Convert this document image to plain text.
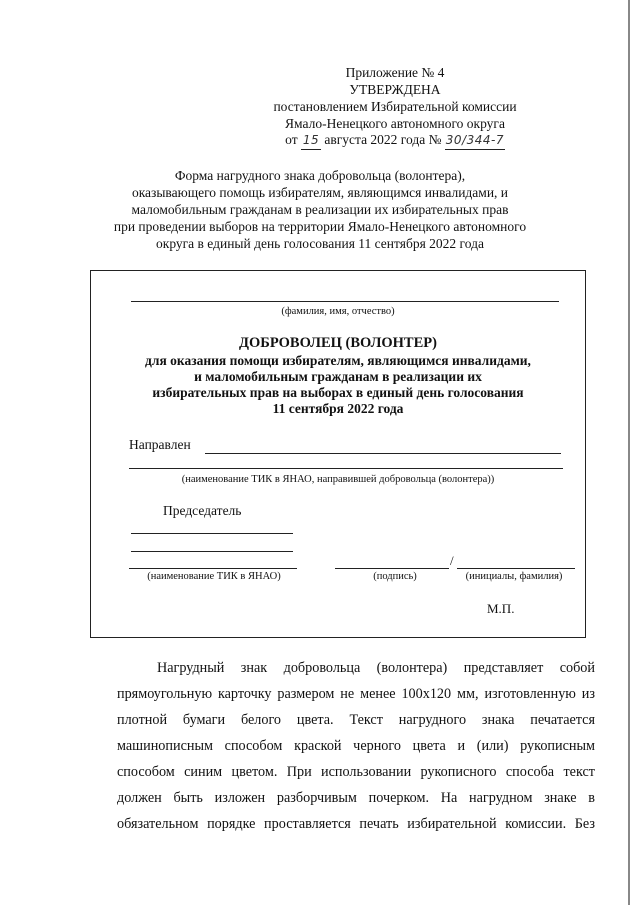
Приложение № 4
УТВЕРЖДЕНА
постановлением Избирательной комиссии
Ямало-Ненецкого автономного округа
от 15 августа 2022 года № 30/344-7
Форма нагрудного знака добровольца (волонтера),
оказывающего помощь избирателям, являющимся инвалидами, и
маломобильным гражданам в реализации их избирательных прав
при проведении выборов на территории Ямало-Ненецкого автономного
округа в единый день голосования 11 сентября 2022 года
(фамилия, имя, отчество)
ДОБРОВОЛЕЦ (ВОЛОНТЕР)
для оказания помощи избирателям, являющимся инвалидами,
и маломобильным гражданам в реализации их
избирательных прав на выборах в единый день голосования
11 сентября 2022 года
Направлен
(наименование ТИК в ЯНАО, направившей добровольца (волонтера))
Председатель
/
(наименование ТИК в ЯНАО)	(подпись)	(инициалы, фамилия)
М.П.

Нагрудный знак добровольца (волонтера) представляет собой

прямоугольную карточку размером не менее 100х120 мм, изготовленную из

плотной бумаги белого цвета. Текст нагрудного знака печатается

машинописным способом краской черного цвета и (или) рукописным

способом синим цветом. При использовании рукописного способа текст

должен быть изложен разборчивым почерком. На нагрудном знаке в

обязательном порядке проставляется печать избирательной комиссии. Без
